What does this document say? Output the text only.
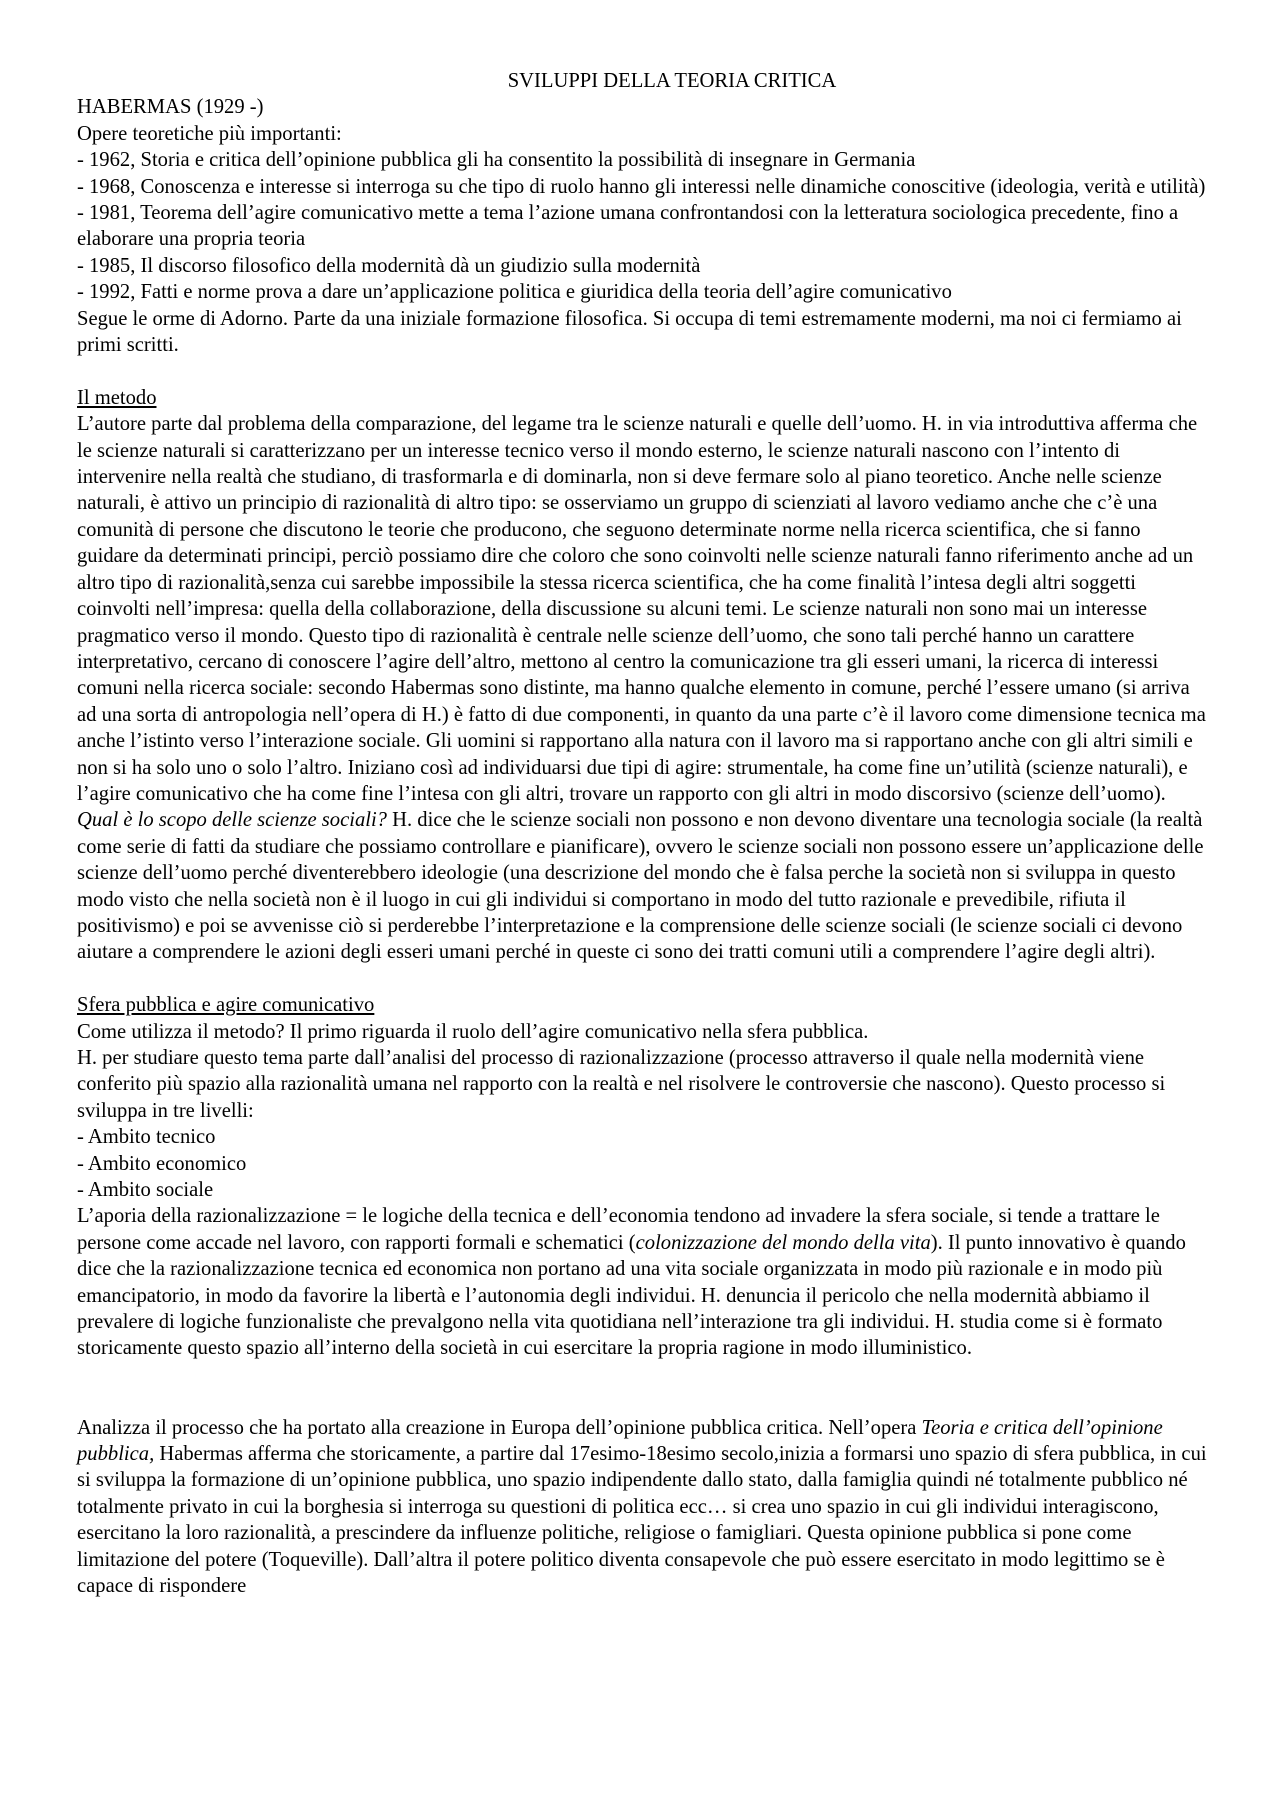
SVILUPPI DELLA TEORIA CRITICA

HABERMAS (1929 -)

Opere teoretiche più importanti:

- 1962, Storia e critica dell’opinione pubblica gli ha consentito la possibilità di insegnare in Germania

- 1968, Conoscenza e interesse si interroga su che tipo di ruolo hanno gli interessi nelle dinamiche conoscitive (ideologia, verità e utilità)

- 1981, Teorema dell’agire comunicativo mette a tema l’azione umana confrontandosi con la letteratura sociologica precedente, fino a elaborare una propria teoria

- 1985, Il discorso filosofico della modernità dà un giudizio sulla modernità

- 1992, Fatti e norme prova a dare un’applicazione politica e giuridica della teoria dell’agire comunicativo

Segue le orme di Adorno. Parte da una iniziale formazione filosofica. Si occupa di temi estremamente moderni, ma noi ci fermiamo ai primi scritti.

Il metodo

L’autore parte dal problema della comparazione, del legame tra le scienze naturali e quelle dell’uomo. H. in via introduttiva afferma che le scienze naturali si caratterizzano per un interesse tecnico verso il mondo esterno, le scienze naturali nascono con l’intento di intervenire nella realtà che studiano, di trasformarla e di dominarla, non si deve fermare solo al piano teoretico. Anche nelle scienze naturali, è attivo un principio di razionalità di altro tipo: se osserviamo un gruppo di scienziati al lavoro vediamo anche che c’è una comunità di persone che discutono le teorie che producono, che seguono determinate norme nella ricerca scientifica, che si fanno guidare da determinati principi, perciò possiamo dire che coloro che sono coinvolti nelle scienze naturali fanno riferimento anche ad un altro tipo di razionalità,senza cui sarebbe impossibile la stessa ricerca scientifica, che ha come finalità l’intesa degli altri soggetti coinvolti nell’impresa: quella della collaborazione, della discussione su alcuni temi. Le scienze naturali non sono mai un interesse pragmatico verso il mondo. Questo tipo di razionalità è centrale nelle scienze dell’uomo, che sono tali perché hanno un carattere interpretativo, cercano di conoscere l’agire dell’altro, mettono al centro la comunicazione tra gli esseri umani, la ricerca di interessi comuni nella ricerca sociale: secondo Habermas sono distinte, ma hanno qualche elemento in comune, perché l’essere umano (si arriva ad una sorta di antropologia nell’opera di H.) è fatto di due componenti, in quanto da una parte c’è il lavoro come dimensione tecnica ma anche l’istinto verso l’interazione sociale. Gli uomini si rapportano alla natura con il lavoro ma si rapportano anche con gli altri simili e non si ha solo uno o solo l’altro. Iniziano così ad individuarsi due tipi di agire: strumentale, ha come fine un’utilità (scienze naturali), e l’agire comunicativo che ha come fine l’intesa con gli altri, trovare un rapporto con gli altri in modo discorsivo (scienze dell’uomo). Qual è lo scopo delle scienze sociali? H. dice che le scienze sociali non possono e non devono diventare una tecnologia sociale (la realtà come serie di fatti da studiare che possiamo controllare e pianificare), ovvero le scienze sociali non possono essere un’applicazione delle scienze dell’uomo perché diventerebbero ideologie (una descrizione del mondo che è falsa perche la società non si sviluppa in questo modo visto che nella società non è il luogo in cui gli individui si comportano in modo del tutto razionale e prevedibile, rifiuta il positivismo) e poi se avvenisse ciò si perderebbe l’interpretazione e la comprensione delle scienze sociali (le scienze sociali ci devono aiutare a comprendere le azioni degli esseri umani perché in queste ci sono dei tratti comuni utili a comprendere l’agire degli altri).

Sfera pubblica e agire comunicativo

Come utilizza il metodo? Il primo riguarda il ruolo dell’agire comunicativo nella sfera pubblica.

H. per studiare questo tema parte dall’analisi del processo di razionalizzazione (processo attraverso il quale nella modernità viene conferito più spazio alla razionalità umana nel rapporto con la realtà e nel risolvere le controversie che nascono). Questo processo si sviluppa in tre livelli:

- Ambito tecnico

- Ambito economico

- Ambito sociale

L’aporia della razionalizzazione = le logiche della tecnica e dell’economia tendono ad invadere la sfera sociale, si tende a trattare le persone come accade nel lavoro, con rapporti formali e schematici (colonizzazione del mondo della vita). Il punto innovativo è quando dice che la razionalizzazione tecnica ed economica non portano ad una vita sociale organizzata in modo più razionale e in modo più emancipatorio, in modo da favorire la libertà e l’autonomia degli individui. H. denuncia il pericolo che nella modernità abbiamo il prevalere di logiche funzionaliste che prevalgono nella vita quotidiana nell’interazione tra gli individui. H. studia come si è formato storicamente questo spazio all’interno della società in cui esercitare la propria ragione in modo illuministico.

Analizza il processo che ha portato alla creazione in Europa dell’opinione pubblica critica. Nell’opera Teoria e critica dell’opinione pubblica, Habermas afferma che storicamente, a partire dal 17esimo-18esimo secolo,inizia a formarsi uno spazio di sfera pubblica, in cui si sviluppa la formazione di un’opinione pubblica, uno spazio indipendente dallo stato, dalla famiglia quindi né totalmente pubblico né totalmente privato in cui la borghesia si interroga su questioni di politica ecc… si crea uno spazio in cui gli individui interagiscono, esercitano la loro razionalità, a prescindere da influenze politiche, religiose o famigliari. Questa opinione pubblica si pone come limitazione del potere (Toqueville). Dall’altra il potere politico diventa consapevole che può essere esercitato in modo legittimo se è capace di rispondere
